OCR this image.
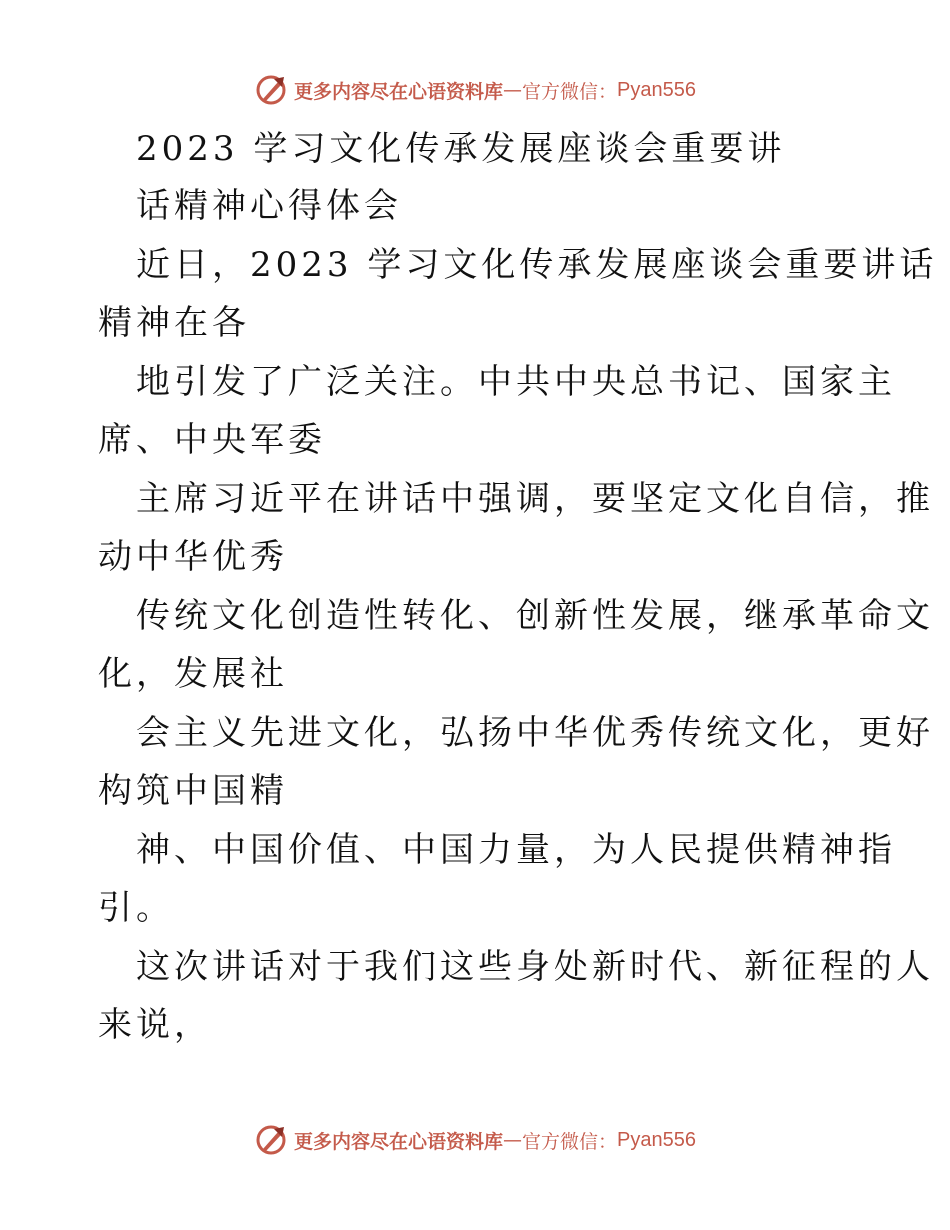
更多内容尽在心语资料库 — 官方微信： Pyan556
2023 学习文化传承发展座谈会重要讲
话精神心得体会
近日，2023 学习文化传承发展座谈会重要讲话
精神在各
地引发了广泛关注。中共中央总书记、国家主
席、中央军委
主席习近平在讲话中强调，要坚定文化自信，推
动中华优秀
传统文化创造性转化、创新性发展，继承革命文
化，发展社
会主义先进文化，弘扬中华优秀传统文化，更好
构筑中国精
神、中国价值、中国力量，为人民提供精神指
引。
这次讲话对于我们这些身处新时代、新征程的人
来说，
更多内容尽在心语资料库 — 官方微信： Pyan556
